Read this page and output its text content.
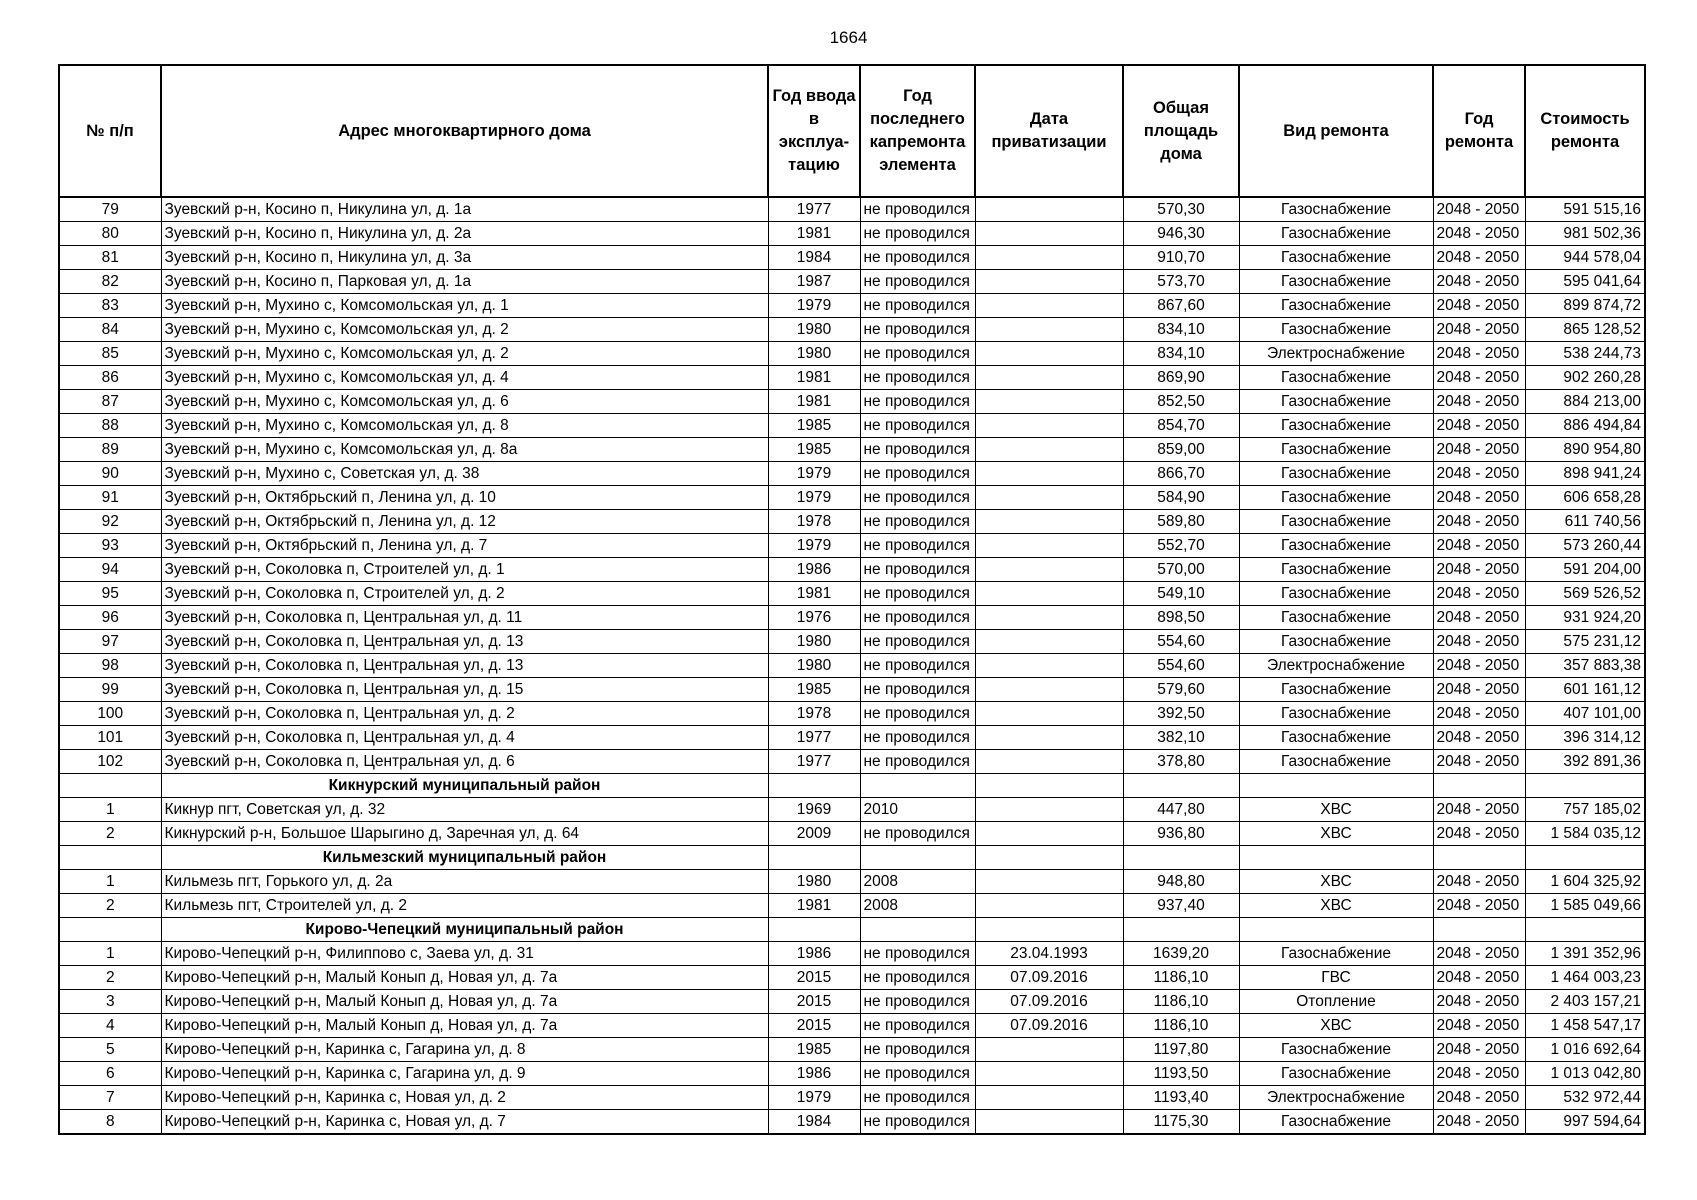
1664
№ п/п	Адрес многоквартирного дома	Год ввода в эксплуа-тацию	Год последнего капремонта элемента	Дата приватизации	Общая площадь дома	Вид ремонта	Год ремонта	Стоимость ремонта
79	Зуевский р-н, Косино п, Никулина ул, д. 1а	1977	не проводился		570,30	Газоснабжение	2048 - 2050	591 515,16
80	Зуевский р-н, Косино п, Никулина ул, д. 2а	1981	не проводился		946,30	Газоснабжение	2048 - 2050	981 502,36
81	Зуевский р-н, Косино п, Никулина ул, д. 3а	1984	не проводился		910,70	Газоснабжение	2048 - 2050	944 578,04
82	Зуевский р-н, Косино п, Парковая ул, д. 1а	1987	не проводился		573,70	Газоснабжение	2048 - 2050	595 041,64
83	Зуевский р-н, Мухино с, Комсомольская ул, д. 1	1979	не проводился		867,60	Газоснабжение	2048 - 2050	899 874,72
84	Зуевский р-н, Мухино с, Комсомольская ул, д. 2	1980	не проводился		834,10	Газоснабжение	2048 - 2050	865 128,52
85	Зуевский р-н, Мухино с, Комсомольская ул, д. 2	1980	не проводился		834,10	Электроснабжение	2048 - 2050	538 244,73
86	Зуевский р-н, Мухино с, Комсомольская ул, д. 4	1981	не проводился		869,90	Газоснабжение	2048 - 2050	902 260,28
87	Зуевский р-н, Мухино с, Комсомольская ул, д. 6	1981	не проводился		852,50	Газоснабжение	2048 - 2050	884 213,00
88	Зуевский р-н, Мухино с, Комсомольская ул, д. 8	1985	не проводился		854,70	Газоснабжение	2048 - 2050	886 494,84
89	Зуевский р-н, Мухино с, Комсомольская ул, д. 8а	1985	не проводился		859,00	Газоснабжение	2048 - 2050	890 954,80
90	Зуевский р-н, Мухино с, Советская ул, д. 38	1979	не проводился		866,70	Газоснабжение	2048 - 2050	898 941,24
91	Зуевский р-н, Октябрьский п, Ленина ул, д. 10	1979	не проводился		584,90	Газоснабжение	2048 - 2050	606 658,28
92	Зуевский р-н, Октябрьский п, Ленина ул, д. 12	1978	не проводился		589,80	Газоснабжение	2048 - 2050	611 740,56
93	Зуевский р-н, Октябрьский п, Ленина ул, д. 7	1979	не проводился		552,70	Газоснабжение	2048 - 2050	573 260,44
94	Зуевский р-н, Соколовка п, Строителей ул, д. 1	1986	не проводился		570,00	Газоснабжение	2048 - 2050	591 204,00
95	Зуевский р-н, Соколовка п, Строителей ул, д. 2	1981	не проводился		549,10	Газоснабжение	2048 - 2050	569 526,52
96	Зуевский р-н, Соколовка п, Центральная ул, д. 11	1976	не проводился		898,50	Газоснабжение	2048 - 2050	931 924,20
97	Зуевский р-н, Соколовка п, Центральная ул, д. 13	1980	не проводился		554,60	Газоснабжение	2048 - 2050	575 231,12
98	Зуевский р-н, Соколовка п, Центральная ул, д. 13	1980	не проводился		554,60	Электроснабжение	2048 - 2050	357 883,38
99	Зуевский р-н, Соколовка п, Центральная ул, д. 15	1985	не проводился		579,60	Газоснабжение	2048 - 2050	601 161,12
100	Зуевский р-н, Соколовка п, Центральная ул, д. 2	1978	не проводился		392,50	Газоснабжение	2048 - 2050	407 101,00
101	Зуевский р-н, Соколовка п, Центральная ул, д. 4	1977	не проводился		382,10	Газоснабжение	2048 - 2050	396 314,12
102	Зуевский р-н, Соколовка п, Центральная ул, д. 6	1977	не проводился		378,80	Газоснабжение	2048 - 2050	392 891,36
	Кикнурский муниципальный район							
1	Кикнур пгт, Советская ул, д. 32	1969	2010		447,80	ХВС	2048 - 2050	757 185,02
2	Кикнурский р-н, Большое Шарыгино д, Заречная ул, д. 64	2009	не проводился		936,80	ХВС	2048 - 2050	1 584 035,12
	Кильмезский муниципальный район							
1	Кильмезь пгт, Горького ул, д. 2а	1980	2008		948,80	ХВС	2048 - 2050	1 604 325,92
2	Кильмезь пгт, Строителей ул, д. 2	1981	2008		937,40	ХВС	2048 - 2050	1 585 049,66
	Кирово-Чепецкий муниципальный район							
1	Кирово-Чепецкий р-н, Филиппово с, Заева ул, д. 31	1986	не проводился	23.04.1993	1639,20	Газоснабжение	2048 - 2050	1 391 352,96
2	Кирово-Чепецкий р-н, Малый Конып д, Новая ул, д. 7а	2015	не проводился	07.09.2016	1186,10	ГВС	2048 - 2050	1 464 003,23
3	Кирово-Чепецкий р-н, Малый Конып д, Новая ул, д. 7а	2015	не проводился	07.09.2016	1186,10	Отопление	2048 - 2050	2 403 157,21
4	Кирово-Чепецкий р-н, Малый Конып д, Новая ул, д. 7а	2015	не проводился	07.09.2016	1186,10	ХВС	2048 - 2050	1 458 547,17
5	Кирово-Чепецкий р-н, Каринка с, Гагарина ул, д. 8	1985	не проводился		1197,80	Газоснабжение	2048 - 2050	1 016 692,64
6	Кирово-Чепецкий р-н, Каринка с, Гагарина ул, д. 9	1986	не проводился		1193,50	Газоснабжение	2048 - 2050	1 013 042,80
7	Кирово-Чепецкий р-н, Каринка с, Новая ул, д. 2	1979	не проводился		1193,40	Электроснабжение	2048 - 2050	532 972,44
8	Кирово-Чепецкий р-н, Каринка с, Новая ул, д. 7	1984	не проводился		1175,30	Газоснабжение	2048 - 2050	997 594,64
